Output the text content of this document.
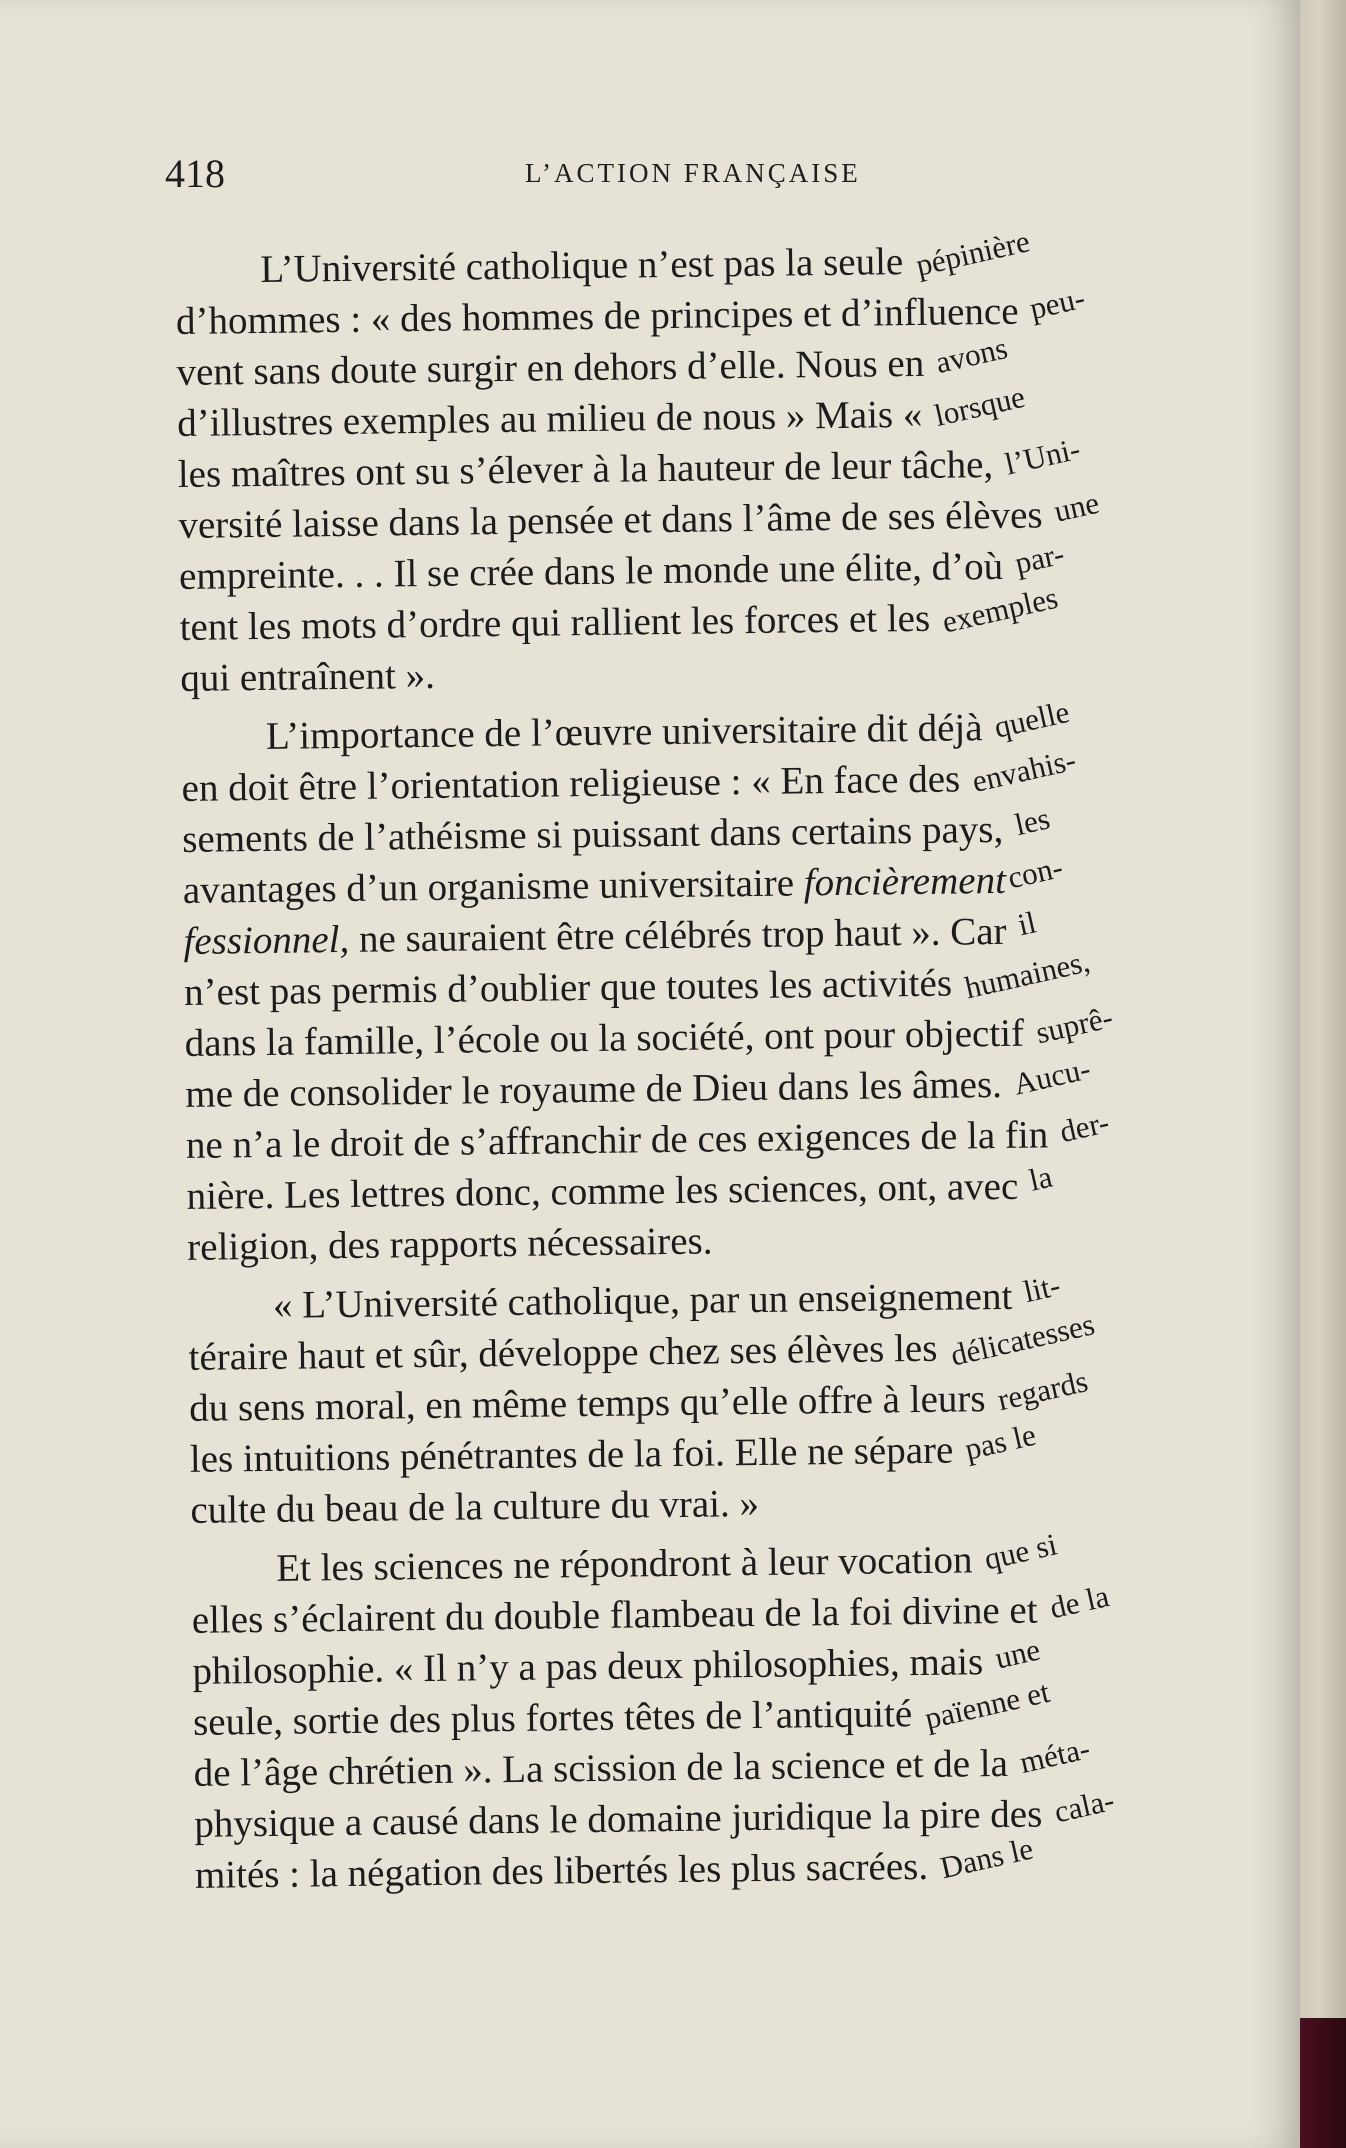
418	L’ACTION FRANÇAISE
L’Université catholique n’est pas la seule pépinière
d’hommes : « des hommes de principes et d’influence peu-
vent sans doute surgir en dehors d’elle. Nous en avons
d’illustres exemples au milieu de nous » Mais « lorsque
les maîtres ont su s’élever à la hauteur de leur tâche, l’Uni-
versité laisse dans la pensée et dans l’âme de ses élèves une
empreinte. . . Il se crée dans le monde une élite, d’où par-
tent les mots d’ordre qui rallient les forces et les exemples
qui entraînent ».
L’importance de l’œuvre universitaire dit déjà quelle
en doit être l’orientation religieuse : « En face des envahis-
sements de l’athéisme si puissant dans certains pays, les
avantages d’un organisme universitaire foncièrementcon-
fessionnel, ne sauraient être célébrés trop haut ». Car il
n’est pas permis d’oublier que toutes les activités humaines,
dans la famille, l’école ou la société, ont pour objectif suprê-
me de consolider le royaume de Dieu dans les âmes. Aucu-
ne n’a le droit de s’affranchir de ces exigences de la fin der-
nière. Les lettres donc, comme les sciences, ont, avec la
religion, des rapports nécessaires.
« L’Université catholique, par un enseignement lit-
téraire haut et sûr, développe chez ses élèves les délicatesses
du sens moral, en même temps qu’elle offre à leurs regards
les intuitions pénétrantes de la foi. Elle ne sépare pas le
culte du beau de la culture du vrai. »
Et les sciences ne répondront à leur vocation que si
elles s’éclairent du double flambeau de la foi divine et de la
philosophie. « Il n’y a pas deux philosophies, mais une
seule, sortie des plus fortes têtes de l’antiquité païenne et
de l’âge chrétien ». La scission de la science et de la méta-
physique a causé dans le domaine juridique la pire des cala-
mités : la négation des libertés les plus sacrées. Dans le
